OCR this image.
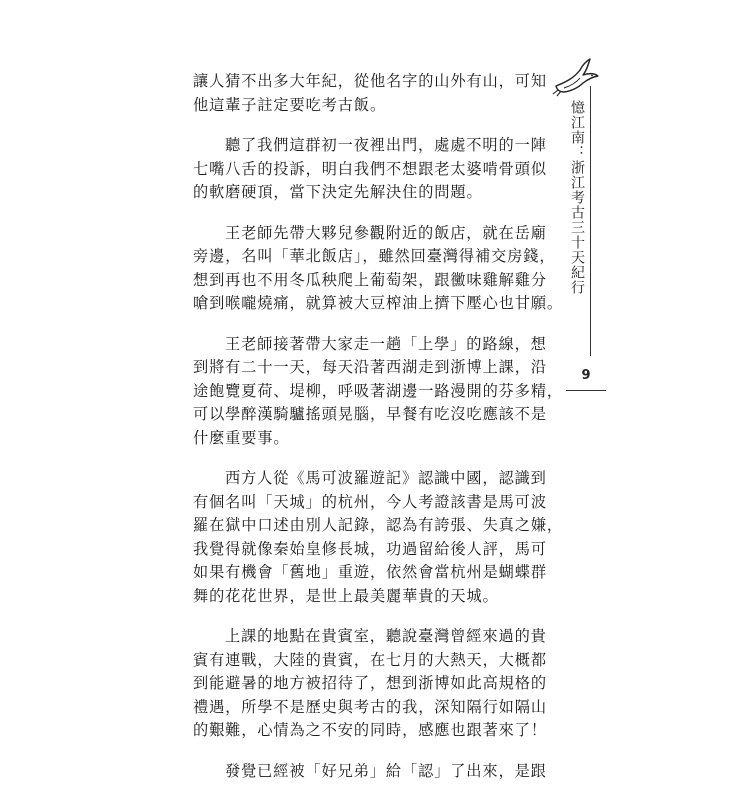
憶江南：浙江考古三十天紀行
9
讓人猜不出多大年紀，從他名字的山外有山，可知
他這輩子註定要吃考古飯。
聽了我們這群初一夜裡出門，處處不明的一陣
七嘴八舌的投訴，明白我們不想跟老太婆啃骨頭似
的軟磨硬頂，當下決定先解決住的問題。
王老師先帶大夥兒參觀附近的飯店，就在岳廟
旁邊，名叫「華北飯店」，雖然回臺灣得補交房錢，
想到再也不用冬瓜秧爬上葡萄架，跟黴味雞解雞分
嗆到喉嚨燒痛，就算被大豆榨油上擠下壓心也甘願。
王老師接著帶大家走一趟「上學」的路線，想
到將有二十一天，每天沿著西湖走到浙博上課，沿
途飽覽夏荷、堤柳，呼吸著湖邊一路漫開的芬多精，
可以學醉漢騎驢搖頭晃腦，早餐有吃沒吃應該不是
什麼重要事。
西方人從《馬可波羅遊記》認識中國，認識到
有個名叫「天城」的杭州，今人考證該書是馬可波
羅在獄中口述由別人記錄，認為有誇張、失真之嫌，
我覺得就像秦始皇修長城，功過留給後人評，馬可
如果有機會「舊地」重遊，依然會當杭州是蝴蝶群
舞的花花世界，是世上最美麗華貴的天城。
上課的地點在貴賓室，聽說臺灣曾經來過的貴
賓有連戰，大陸的貴賓，在七月的大熱天，大概都
到能避暑的地方被招待了，想到浙博如此高規格的
禮遇，所學不是歷史與考古的我，深知隔行如隔山
的艱難，心情為之不安的同時，感應也跟著來了！
發覺已經被「好兄弟」給「認」了出來，是跟
